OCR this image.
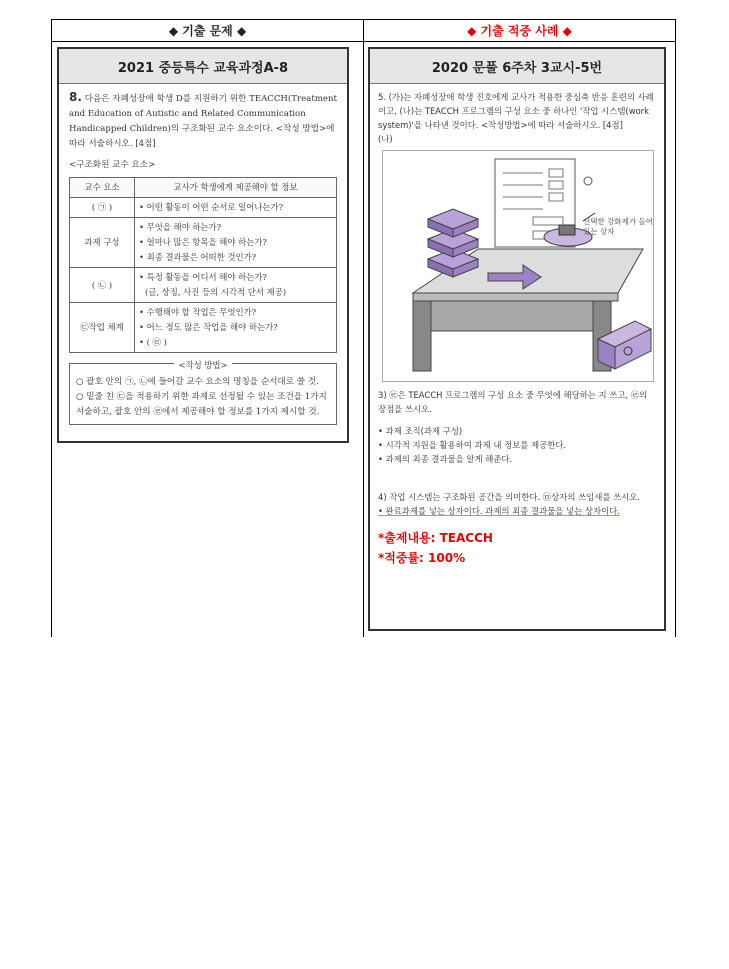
◆ 기출 문제 ◆	◆ 기출 적중 사례 ◆
2021 중등특수 교육과정A-8
8. 다음은 자폐성장애 학생 D를 지원하기 위한 TEACCH(Treatment and Education of Autistic and Related Communication Handicapped Children)의 구조화된 교수 요소이다. <작성 방법>에 따라 서술하시오. [4점]
<구조화된 교수 요소>
교수 요소	교사가 학생에게 제공해야 할 정보
( ㉠ )	• 어떤 활동이 어떤 순서로 일어나는가?

과제 구성	• 무엇을 해야 하는가?
• 얼마나 많은 항목을 해야 하는가?
• 최종 결과물은 어떠한 것인가?

( ㉡ )	• 특정 활동을 어디서 해야 하는가?
(글, 상징, 사진 등의 시각적 단서 제공)

㉢작업 체계	• 수행해야 할 작업은 무엇인가?
• 어느 정도 많은 작업을 해야 하는가?
• ( ㉣ )
<작성 방법>

○ 괄호 안의 ㉠, ㉡에 들어갈 교수 요소의 명칭을 순서대로 쓸 것.

○ 밑줄 친 ㉢을 적용하기 위한 과제로 선정될 수 있는 조건을 1가지 서술하고, 괄호 안의 ㉣에서 제공해야 할 정보를 1가지 제시할 것.

2020 문풀 6주차 3교시-5번
5. (가)는 자폐성장애 학생 진호에게 교사가 적용한 중심축 반응 훈련의 사례이고, (나)는 TEACCH 프로그램의 구성 요소 중 하나인 '작업 시스템(work system)'을 나타낸 것이다. <작성방법>에 따라 서술하시오. [4점]
(나)
선택한 강화제가 들어 있는 상자
3) ㉣은 TEACCH 프로그램의 구성 요소 중 무엇에 해당하는 지 쓰고, ㉣의 장점을 쓰시오.
• 과제 조직(과제 구성)
• 시각적 지원을 활용하여 과제 내 정보를 제공한다.
• 과제의 최종 결과물을 알게 해준다.
4) 작업 시스템는 구조화된 공간을 의미한다. ㉤상자의 쓰임새를 쓰시오.
• 완료과제를 넣는 상자이다. 과제의 최종 결과물을 넣는 상자이다.
*출제내용: TEACCH
*적중률: 100%
